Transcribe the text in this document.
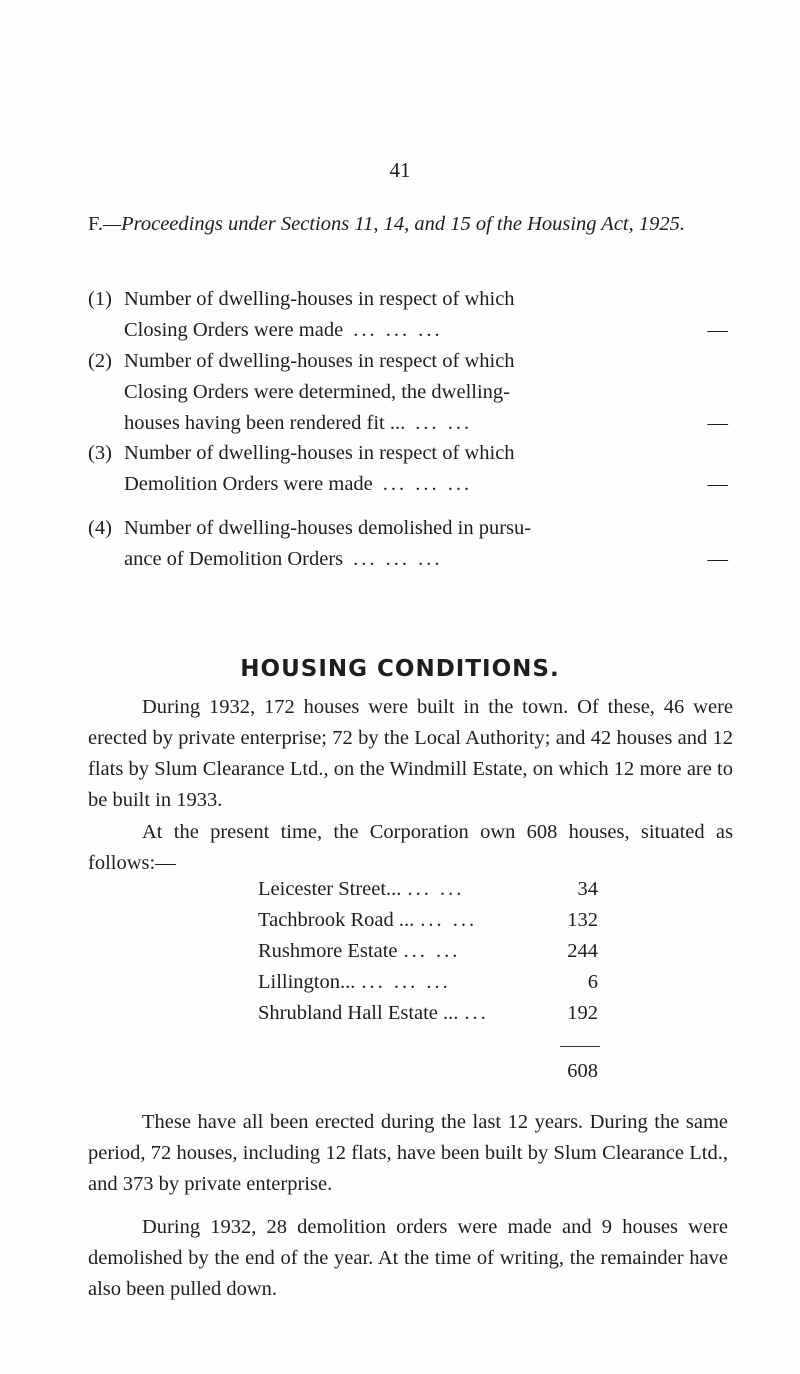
41
F.—Proceedings under Sections 11, 14, and 15 of the Housing Act, 1925.
(1) Number of dwelling-houses in respect of which
Closing Orders were made ... ... ...	—
(2) Number of dwelling-houses in respect of which
Closing Orders were determined, the dwelling-
houses having been rendered fit ... ... ...	—
(3) Number of dwelling-houses in respect of which
Demolition Orders were made ... ... ...	—
(4) Number of dwelling-houses demolished in pursu-
ance of Demolition Orders ... ... ...	—
HOUSING CONDITIONS.
During 1932, 172 houses were built in the town. Of these, 46 were erected by private enterprise; 72 by the Local Authority; and 42 houses and 12 flats by Slum Clearance Ltd., on the Windmill Estate, on which 12 more are to be built in 1933.
At the present time, the Corporation own 608 houses, situated as follows:—
Leicester Street... ... ...	34
Tachbrook Road ... ... ...	132
Rushmore Estate ... ...	244
Lillington... ... ... ...	6
Shrubland Hall Estate ... ...	192
608
These have all been erected during the last 12 years. During the same period, 72 houses, including 12 flats, have been built by Slum Clearance Ltd., and 373 by private enterprise.
During 1932, 28 demolition orders were made and 9 houses were demolished by the end of the year. At the time of writing, the remainder have also been pulled down.
